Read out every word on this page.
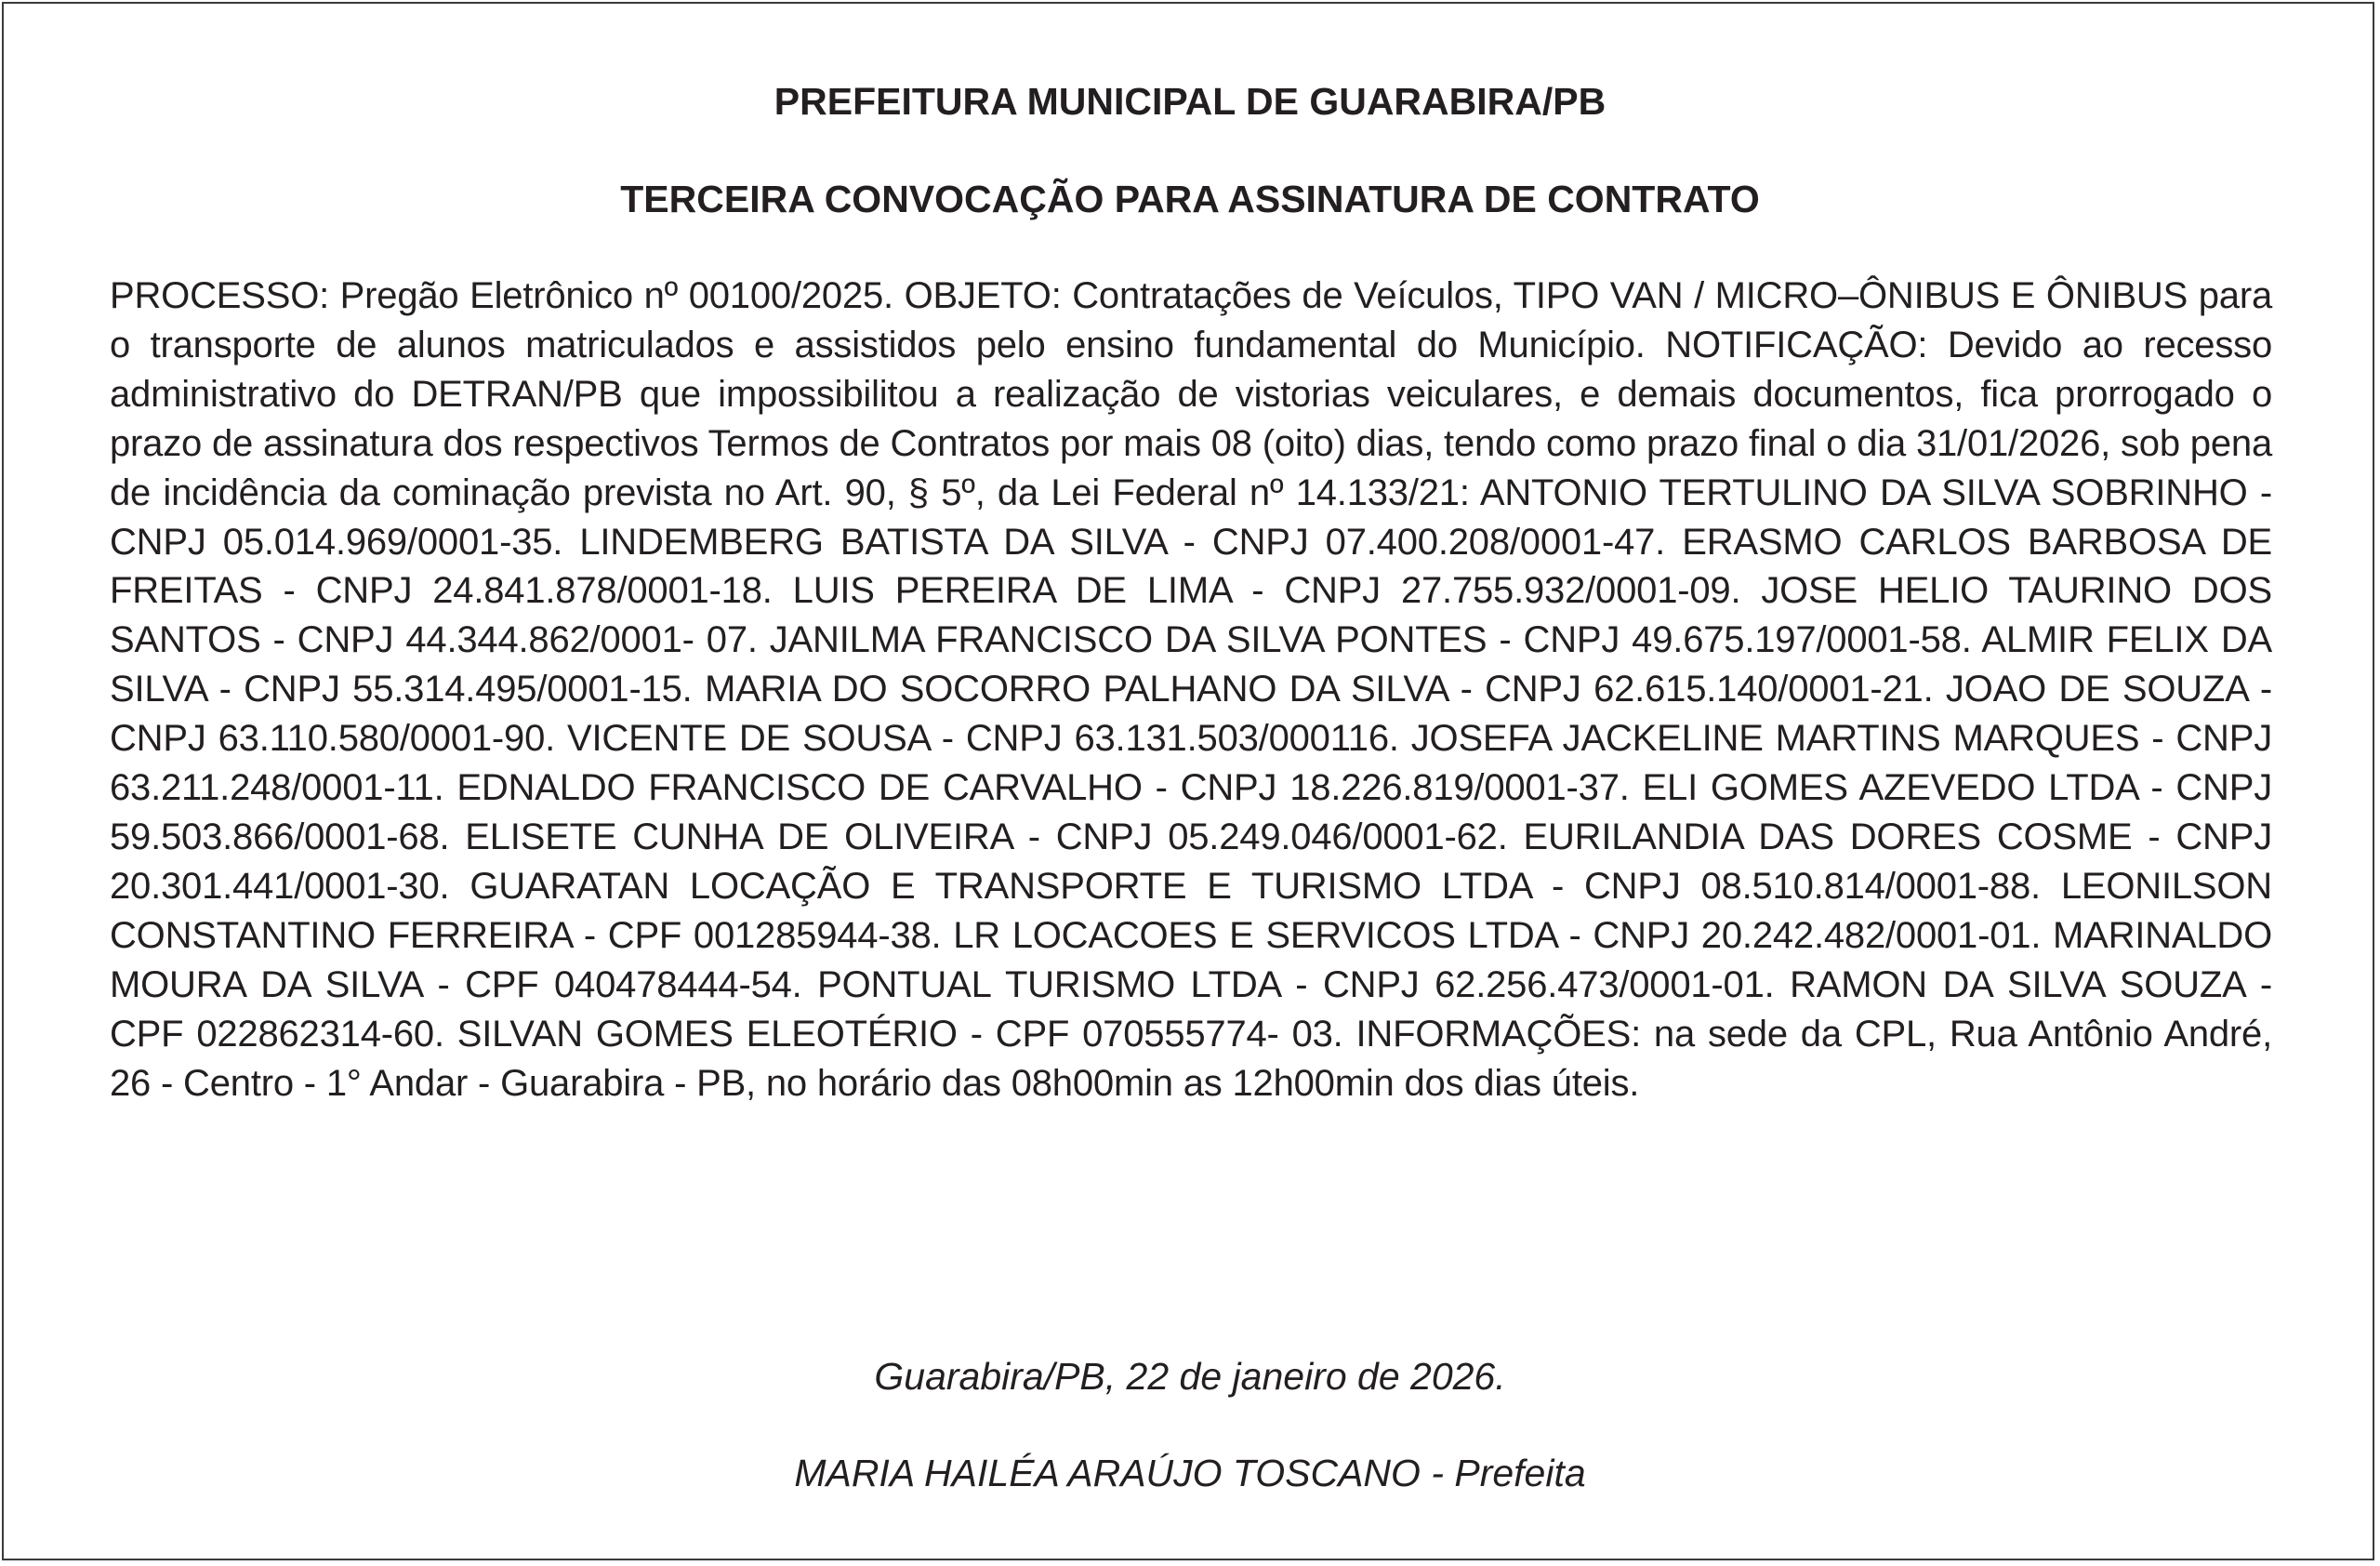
PREFEITURA MUNICIPAL DE GUARABIRA/PB
TERCEIRA CONVOCAÇÃO PARA ASSINATURA DE CONTRATO

PROCESSO: Pregão Eletrônico nº 00100/2025. OBJETO: Contratações de Veículos, TIPO VAN / MICRO–ÔNIBUS E ÔNIBUS para o transporte de alunos matriculados e assistidos pelo ensino fundamental do Município. NOTIFICAÇÃO: Devido ao recesso administrativo do DETRAN/PB que impossibilitou a realização de vistorias veiculares, e demais documentos, fica prorrogado o prazo de assinatura dos respectivos Termos de Contratos por mais 08 (oito) dias, tendo como prazo final o dia 31/01/2026, sob pena de incidência da cominação prevista no Art. 90, § 5º, da Lei Federal nº 14.133/21: ANTONIO TERTULINO DA SILVA SOBRINHO - CNPJ 05.014.969/0001-35. LINDEMBERG BATISTA DA SILVA - CNPJ 07.400.208/0001-47. ERASMO CARLOS BARBOSA DE FREITAS - CNPJ 24.841.878/0001-18. LUIS PEREIRA DE LIMA - CNPJ 27.755.932/0001-09. JOSE HELIO TAURINO DOS SANTOS - CNPJ 44.344.862/0001- 07. JANILMA FRANCISCO DA SILVA PONTES - CNPJ 49.675.197/0001-58. ALMIR FELIX DA SILVA - CNPJ 55.314.495/0001-15. MARIA DO SOCORRO PALHANO DA SILVA - CNPJ 62.615.140/0001-21. JOAO DE SOUZA - CNPJ 63.110.580/0001-90. VICENTE DE SOUSA - CNPJ 63.131.503/000116. JOSEFA JACKELINE MARTINS MARQUES - CNPJ 63.211.248/0001-11. EDNALDO FRANCISCO DE CARVALHO - CNPJ 18.226.819/0001-37. ELI GOMES AZEVEDO LTDA - CNPJ 59.503.866/0001-68. ELISETE CUNHA DE OLIVEIRA - CNPJ 05.249.046/0001-62. EURILANDIA DAS DORES COSME - CNPJ 20.301.441/0001-30. GUARATAN LOCAÇÃO E TRANSPORTE E TURISMO LTDA - CNPJ 08.510.814/0001-88. LEONILSON CONSTANTINO FERREIRA - CPF 001285944-38. LR LOCACOES E SERVICOS LTDA - CNPJ 20.242.482/0001-01. MARINALDO MOURA DA SILVA - CPF 040478444-54. PONTUAL TURISMO LTDA - CNPJ 62.256.473/0001-01. RAMON DA SILVA SOUZA - CPF 022862314-60. SILVAN GOMES ELEOTÉRIO - CPF 070555774- 03. INFORMAÇÕES: na sede da CPL, Rua Antônio André, 26 - Centro - 1° Andar - Guarabira - PB, no horário das 08h00min as 12h00min dos dias úteis.

Guarabira/PB, 22 de janeiro de 2026.
MARIA HAILÉA ARAÚJO TOSCANO - Prefeita
